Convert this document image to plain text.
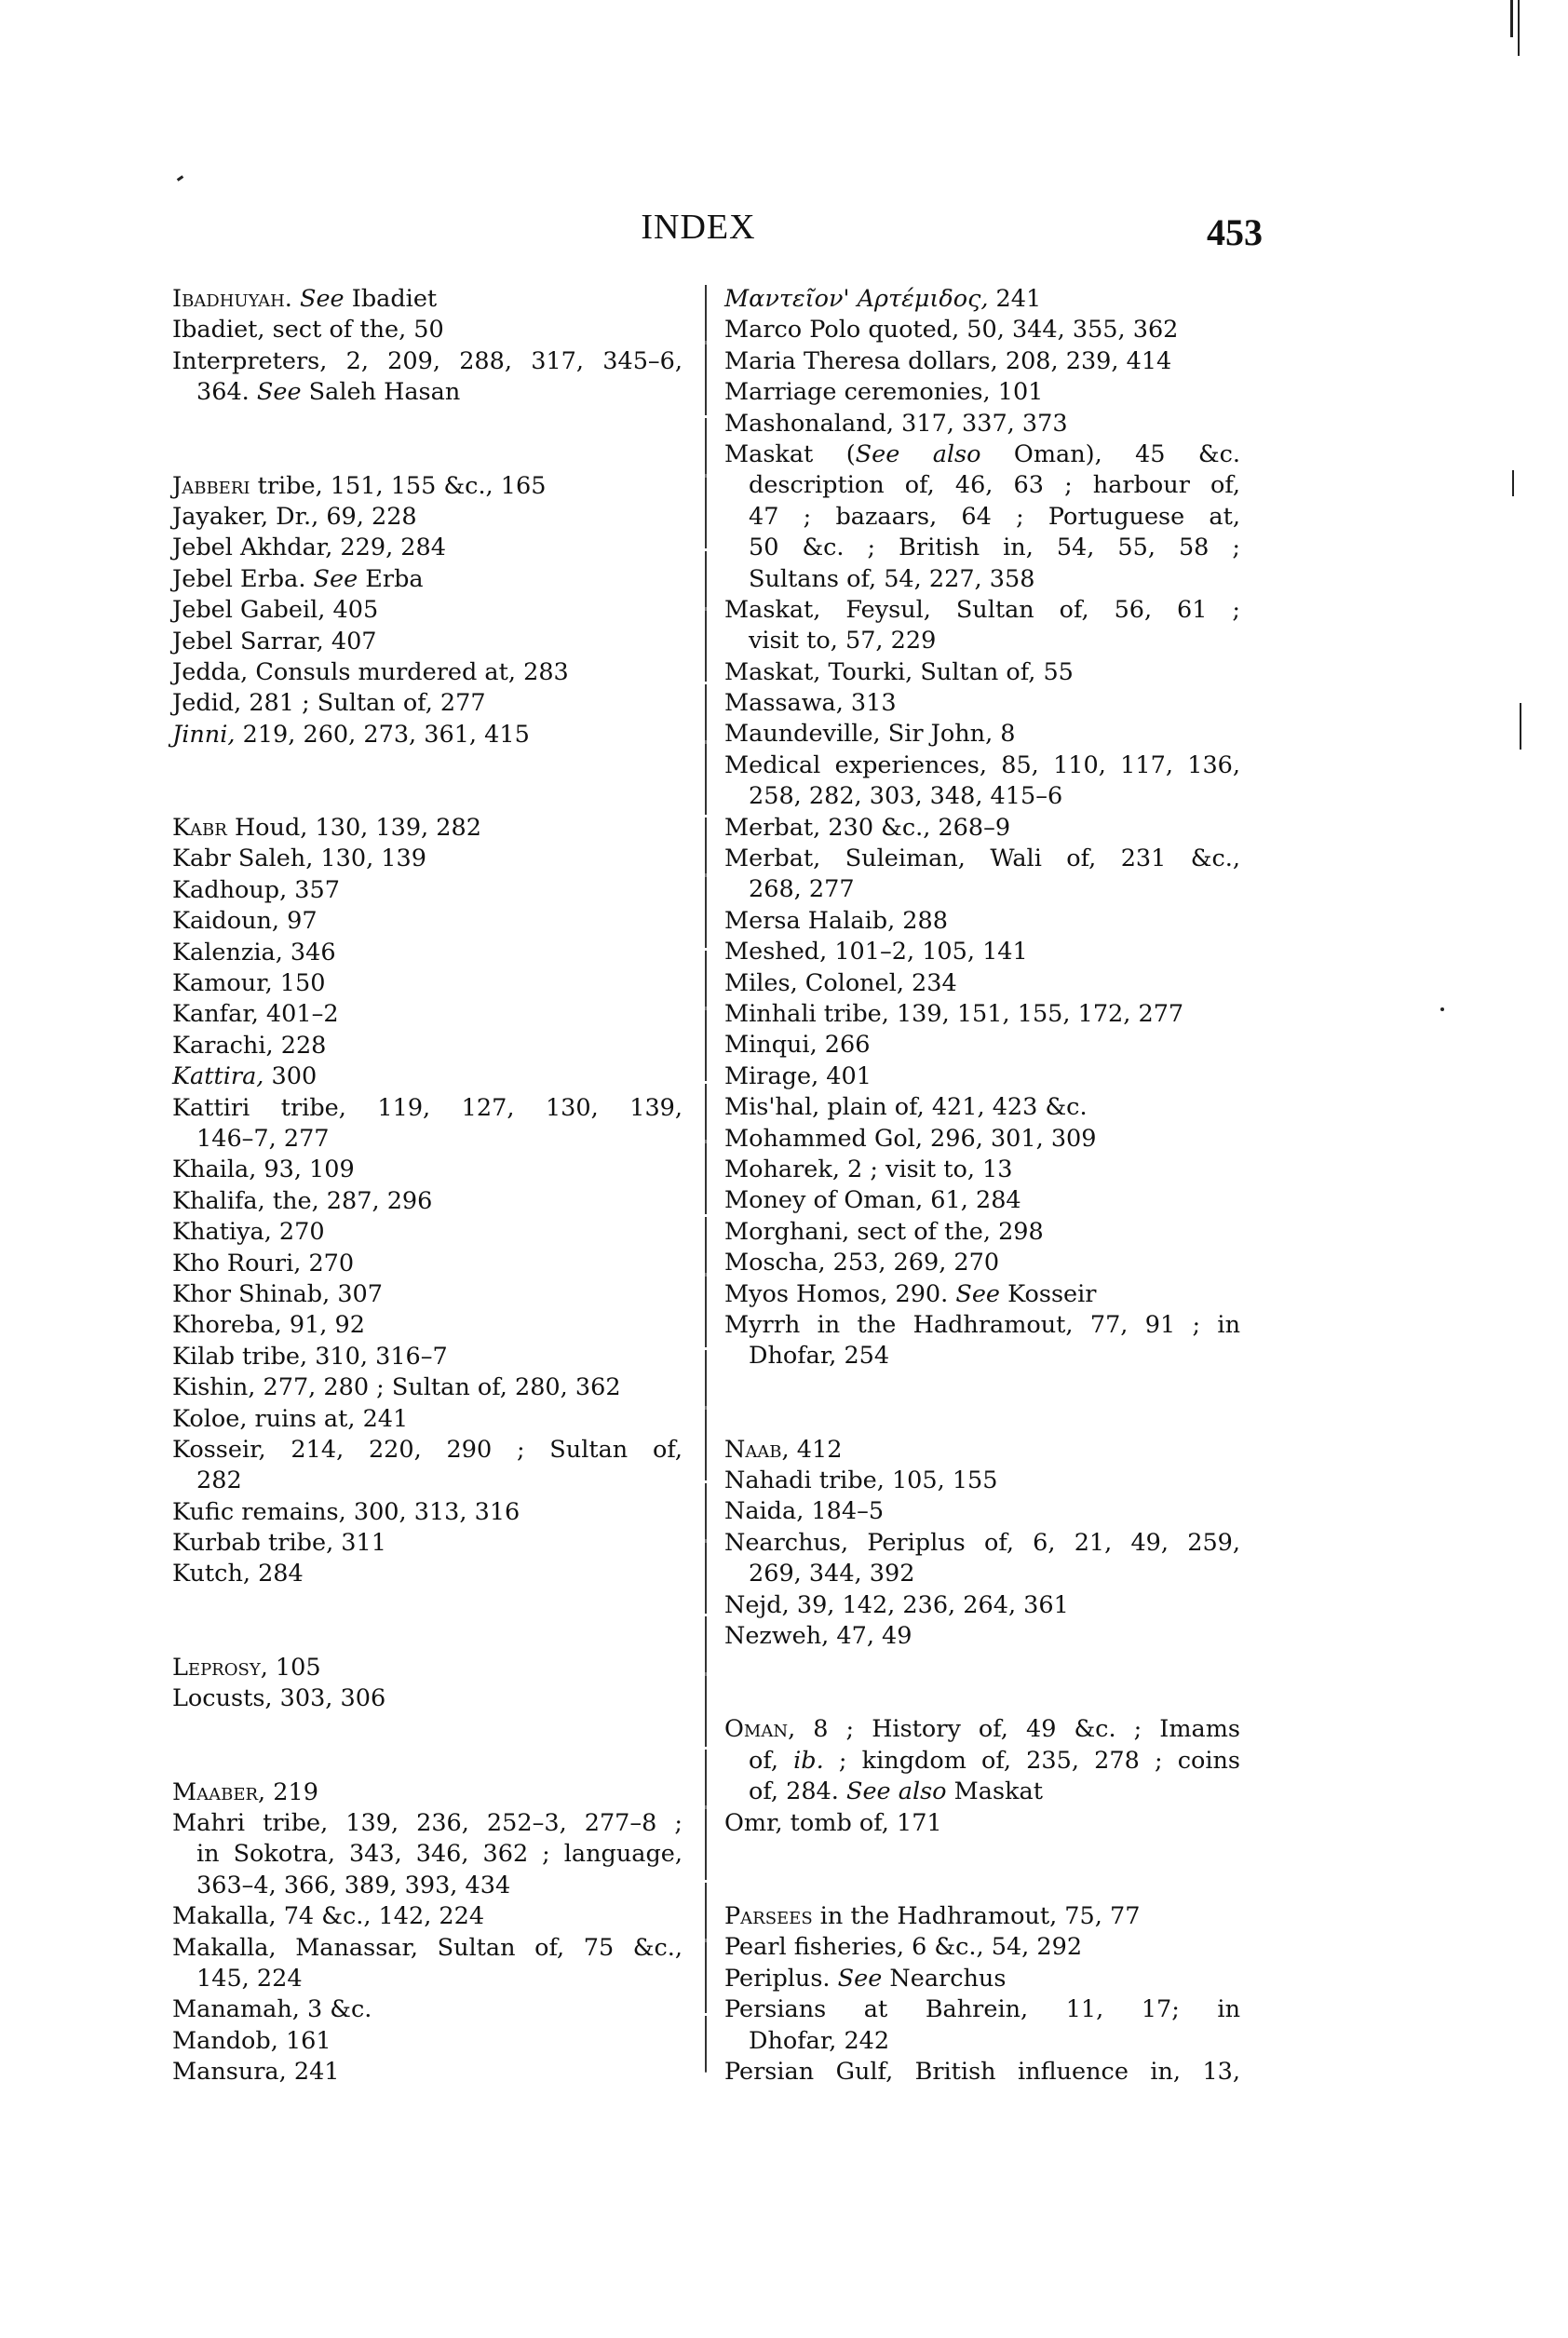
INDEX	453
Ibadhuyah. See Ibadiet
Ibadiet, sect of the, 50
Interpreters, 2, 209, 288, 317, 345–6,
364. See Saleh Hasan
Jabberi tribe, 151, 155 &c., 165
Jayaker, Dr., 69, 228
Jebel Akhdar, 229, 284
Jebel Erba. See Erba
Jebel Gabeil, 405
Jebel Sarrar, 407
Jedda, Consuls murdered at, 283
Jedid, 281 ; Sultan of, 277
Jinni, 219, 260, 273, 361, 415
Kabr Houd, 130, 139, 282
Kabr Saleh, 130, 139
Kadhoup, 357
Kaidoun, 97
Kalenzia, 346
Kamour, 150
Kanfar, 401–2
Karachi, 228
Kattira, 300
Kattiri tribe, 119, 127, 130, 139,
146–7, 277
Khaila, 93, 109
Khalifa, the, 287, 296
Khatiya, 270
Kho Rouri, 270
Khor Shinab, 307
Khoreba, 91, 92
Kilab tribe, 310, 316–7
Kishin, 277, 280 ; Sultan of, 280, 362
Koloe, ruins at, 241
Kosseir, 214, 220, 290 ; Sultan of,
282
Kufic remains, 300, 313, 316
Kurbab tribe, 311
Kutch, 284
Leprosy, 105
Locusts, 303, 306
Maaber, 219
Mahri tribe, 139, 236, 252–3, 277–8 ;
in Sokotra, 343, 346, 362 ; language,
363–4, 366, 389, 393, 434
Makalla, 74 &c., 142, 224
Makalla, Manassar, Sultan of, 75 &c.,
145, 224
Manamah, 3 &c.
Mandob, 161
Mansura, 241
Μαντεῖον' Αρτέμιδος, 241
Marco Polo quoted, 50, 344, 355, 362
Maria Theresa dollars, 208, 239, 414
Marriage ceremonies, 101
Mashonaland, 317, 337, 373
Maskat (See also Oman), 45 &c.
description of, 46, 63 ; harbour of,
47 ; bazaars, 64 ; Portuguese at,
50 &c. ; British in, 54, 55, 58 ;
Sultans of, 54, 227, 358
Maskat, Feysul, Sultan of, 56, 61 ;
visit to, 57, 229
Maskat, Tourki, Sultan of, 55
Massawa, 313
Maundeville, Sir John, 8
Medical experiences, 85, 110, 117, 136,
258, 282, 303, 348, 415–6
Merbat, 230 &c., 268–9
Merbat, Suleiman, Wali of, 231 &c.,
268, 277
Mersa Halaib, 288
Meshed, 101–2, 105, 141
Miles, Colonel, 234
Minhali tribe, 139, 151, 155, 172, 277
Minqui, 266
Mirage, 401
Mis'hal, plain of, 421, 423 &c.
Mohammed Gol, 296, 301, 309
Moharek, 2 ; visit to, 13
Money of Oman, 61, 284
Morghani, sect of the, 298
Moscha, 253, 269, 270
Myos Homos, 290. See Kosseir
Myrrh in the Hadhramout, 77, 91 ; in
Dhofar, 254
Naab, 412
Nahadi tribe, 105, 155
Naida, 184–5
Nearchus, Periplus of, 6, 21, 49, 259,
269, 344, 392
Nejd, 39, 142, 236, 264, 361
Nezweh, 47, 49
Oman, 8 ; History of, 49 &c. ; Imams
of, ib. ; kingdom of, 235, 278 ; coins
of, 284. See also Maskat
Omr, tomb of, 171
Parsees in the Hadhramout, 75, 77
Pearl fisheries, 6 &c., 54, 292
Periplus. See Nearchus
Persians at Bahrein, 11, 17; in
Dhofar, 242
Persian Gulf, British influence in, 13,
